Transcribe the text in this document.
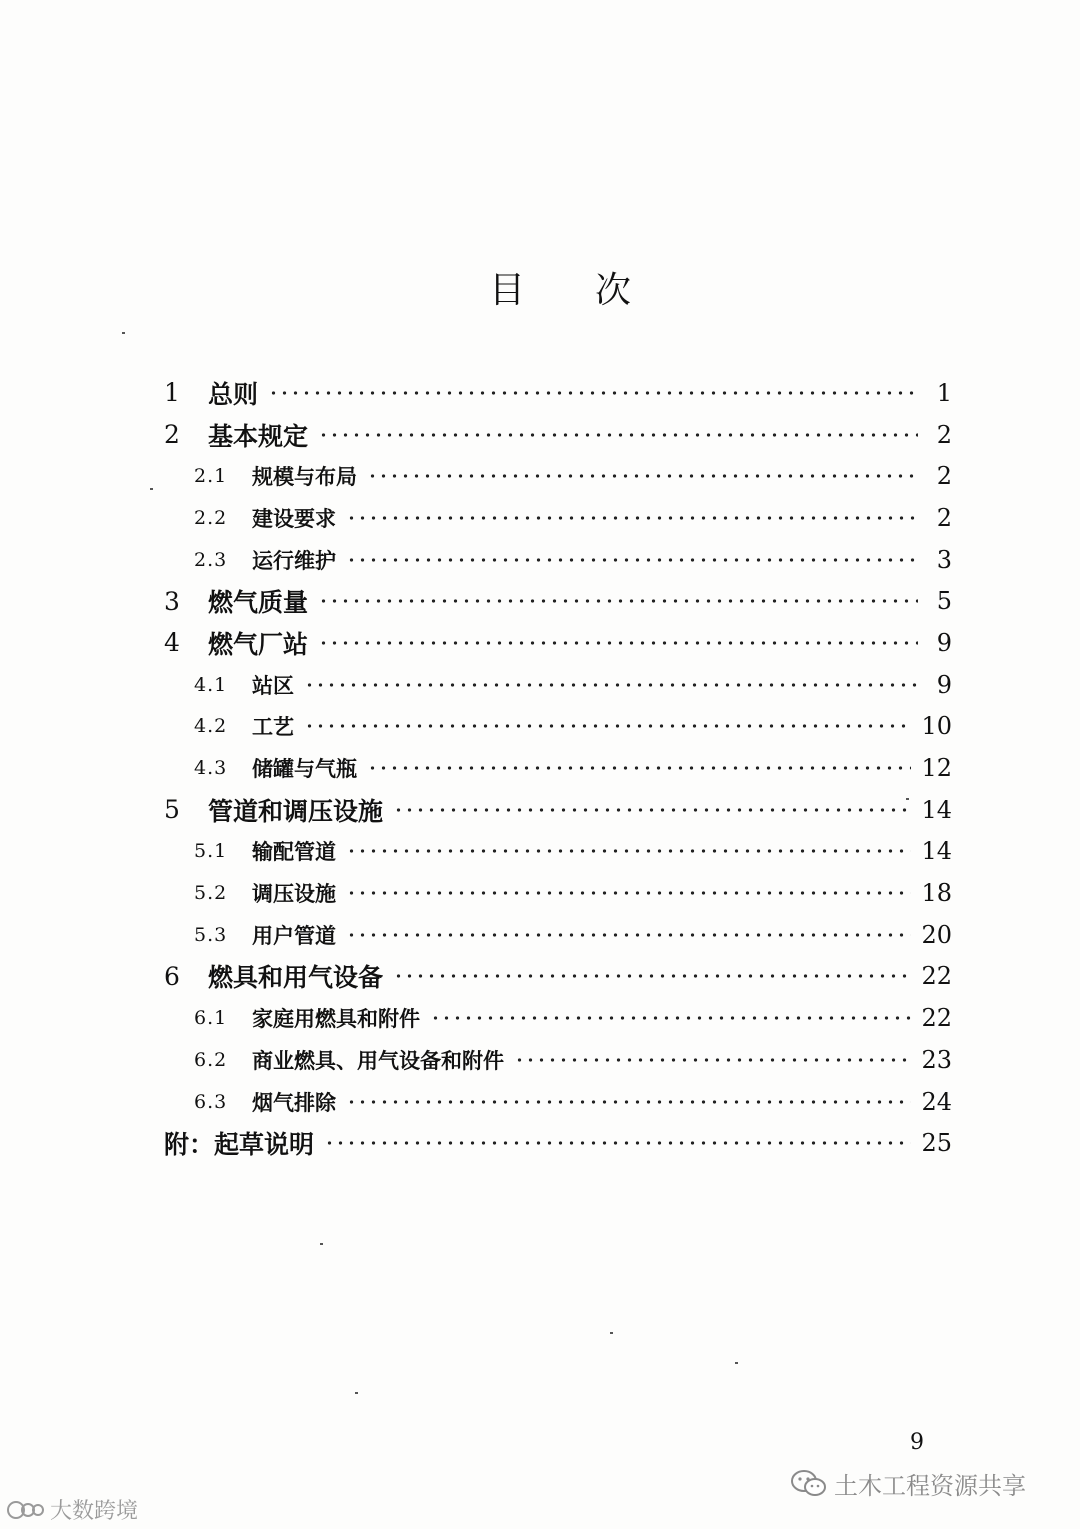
目 次
1	总则	1
2	基本规定	2
2.1	规模与布局	2
2.2	建设要求	2
2.3	运行维护	3
3	燃气质量	5
4	燃气厂站	9
4.1	站区	9
4.2	工艺	10
4.3	储罐与气瓶	12
5	管道和调压设施	14
5.1	输配管道	14
5.2	调压设施	18
5.3	用户管道	20
6	燃具和用气设备	22
6.1	家庭用燃具和附件	22
6.2	商业燃具、用气设备和附件	23
6.3	烟气排除	24
附：起草说明	25
9
土木工程资源共享
大数跨境
